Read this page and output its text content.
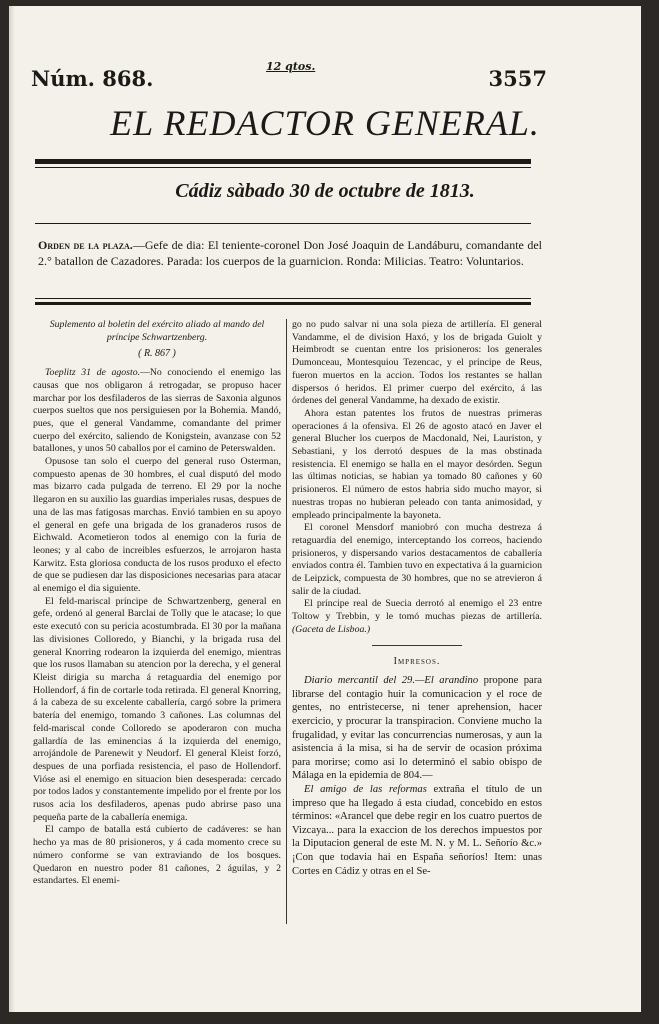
Núm. 868.	12 qtos.	3557
EL REDACTOR GENERAL.
Cádiz sàbado 30 de octubre de 1813.
Orden de la plaza.—Gefe de dia: El teniente-coronel Don José Joaquin de Landáburu, comandante del 2.° batallon de Cazadores. Parada: los cuerpos de la guarnicion. Ronda: Milicias. Teatro: Voluntarios.

Suplemento al boletin del exército aliado al mando del príncipe Schwartzenberg.

( R. 867 )

Toeplitz 31 de agosto.—No conociendo el enemigo las causas que nos obligaron á retrogadar, se propuso hacer marchar por los desfiladeros de las sierras de Saxonia algunos cuerpos sueltos que nos persiguiesen por la Bohemia. Mandó, pues, que el general Vandamme, comandante del primer cuerpo del exército, saliendo de Konigstein, avanzase con 52 batallones, y unos 50 caballos por el camino de Peterswalden.

Opusose tan solo el cuerpo del general ruso Osterman, compuesto apenas de 30 hombres, el cual disputó del modo mas bizarro cada pulgada de terreno. El 29 por la noche llegaron en su auxilio las guardias imperiales rusas, despues de una de las mas fatigosas marchas. Envió tambien en su apoyo el general en gefe una brigada de los granaderos rusos de Eichwald. Acometieron todos al enemigo con la furia de leones; y al cabo de increibles esfuerzos, le arrojaron hasta Karwitz. Esta gloriosa conducta de los rusos produxo el efecto de que se pudiesen dar las disposiciones necesarias para atacar al enemigo el dia siguiente.

El feld-mariscal príncipe de Schwartzenberg, general en gefe, ordenó al general Barclai de Tolly que le atacase; lo que este executó con su pericia acostumbrada. El 30 por la mañana las divisiones Colloredo, y Bianchi, y la brigada rusa del general Knorring rodearon la izquierda del enemigo, mientras que los rusos llamaban su atencion por la derecha, y el general Kleist dirigia su marcha á retaguardia del enemigo por Hollendorf, á fin de cortarle toda retirada. El general Knorring, á la cabeza de su excelente caballería, cargó sobre la primera batería del enemigo, tomando 3 cañones. Las columnas del feld-mariscal conde Colloredo se apoderaron con mucha gallardía de las eminencias á la izquierda del enemigo, arrojándole de Parenewit y Neudorf. El general Kleist forzó, despues de una porfiada resistencia, el paso de Hollendorf. Vióse asi el enemigo en situacion bien desesperada: cercado por todos lados y constantemente impelido por el frente por los rusos acia los desfiladeros, apenas pudo abrirse paso una pequeña parte de la caballería enemiga.

El campo de batalla está cubierto de cadáveres: se han hecho ya mas de 80 prisioneros, y á cada momento crece su número conforme se van extraviando de los bosques. Quedaron en nuestro poder 81 cañones, 2 águilas, y 2 estandartes. El enemi-

go no pudo salvar ni una sola pieza de artillería. El general Vandamme, el de division Haxó, y los de brigada Guiolt y Heimbrodt se cuentan entre los prisioneros: los generales Dumonceau, Montesquiou Tezencac, y el príncipe de Reus, fueron muertos en la accion. Todos los restantes se hallan dispersos ó heridos. El primer cuerpo del exército, á las órdenes del general Vandamme, ha dexado de existir.

Ahora estan patentes los frutos de nuestras primeras operaciones á la ofensiva. El 26 de agosto atacó en Javer el general Blucher los cuerpos de Macdonald, Nei, Lauriston, y Sebastiani, y los derrotó despues de la mas obstinada resistencia. El enemigo se halla en el mayor desórden. Segun las últimas noticias, se habian ya tomado 80 cañones y 60 prisioneros. El número de estos habria sido mucho mayor, si nuestras tropas no hubieran peleado con tanta animosidad, y empleado principalmente la bayoneta.

El coronel Mensdorf maniobró con mucha destreza á retaguardia del enemigo, interceptando los correos, haciendo prisioneros, y dispersando varios destacamentos de caballería enviados contra él. Tambien tuvo en expectativa á la guarnicion de Leipzick, compuesta de 30 hombres, que no se atrevieron á salir de la ciudad.

El príncipe real de Suecia derrotó al enemigo el 23 entre Toltow y Trebbin, y le tomó muchas piezas de artillería. (Gaceta de Lisboa.)

Impresos.

Diario mercantil del 29.—El arandino propone para librarse del contagio huir la comunicacion y el roce de gentes, no entristecerse, ni tener aprehension, hacer exercicio, y procurar la transpiracion. Conviene mucho la frugalidad, y evitar las concurrencias numerosas, y aun la asistencia á la misa, si ha de servir de ocasion próxima para morirse; como asi lo determinó el sabio obispo de Málaga en la epidemia de 804.—

El amigo de las reformas extraña el título de un impreso que ha llegado á esta ciudad, concebido en estos términos: «Arancel que debe regir en los cuatro puertos de Vizcaya... para la exaccion de los derechos impuestos por la Diputacion general de este M. N. y M. L. Señorío &c.» ¡Con que todavia hai en España señoríos! Item: unas Cortes en Cádiz y otras en el Se-
